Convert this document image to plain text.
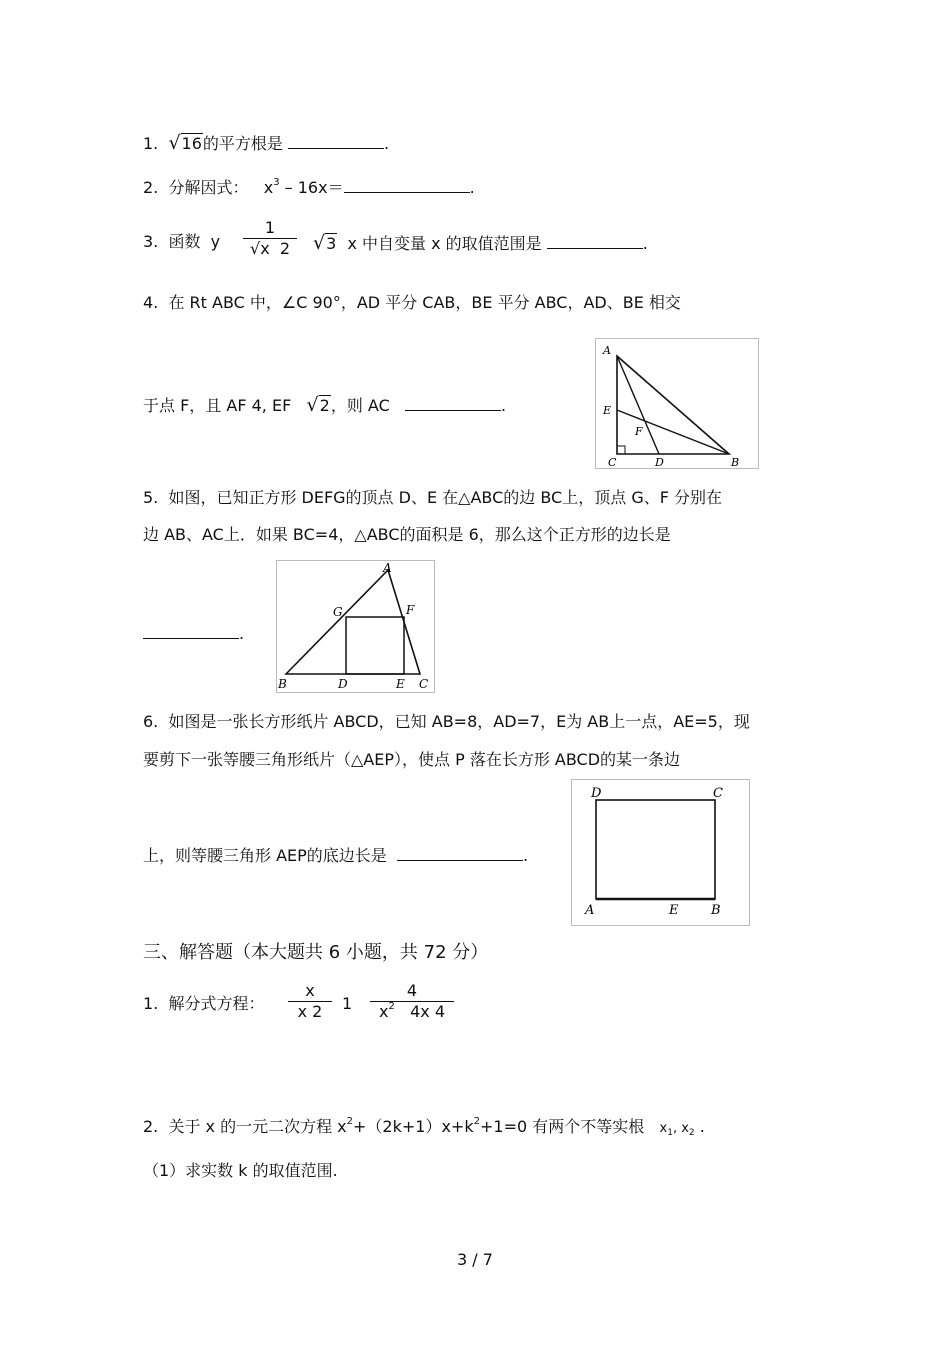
1. √16的平方根是	.
2. 分解因式： $x^3 - 16x=$	.
3. 函数 y
1
√x 2	√3 x 中自变量 x 的取值范围是	.
4. 在 Rt ABC 中，∠C 90°，AD 平分 CAB，BE 平分 ABC，AD、BE 相交
于点 F，且 AF 4, EF √2，则 AC	.
A
E
F
C	D	B
5. 如图，已知正方形 DEFG的顶点 D、E 在△ABC的边 BC上，顶点 G、F 分别在
边 AB、AC上．如果 BC=4，△ABC的面积是 6，那么这个正方形的边长是
.
A
G	F
B	D	E C
6. 如图是一张长方形纸片 ABCD，已知 AB=8，AD=7，E为 AB上一点，AE=5，现
要剪下一张等腰三角形纸片（△AEP），使点 P 落在长方形 ABCD的某一条边
上，则等腰三角形 AEP的底边长是	.
D	C
A	E	B
三、解答题（本大题共 6 小题，共 72 分）
1. 解分式方程：
x
x 2	1
4
$x^2$ 4x 4
2. 关于 x 的一元二次方程 $x^2+(2k+1)x+k^2+1=0$ 有两个不等实根 $x_1$, $x_2$ .
（1）求实数 k 的取值范围.
3 / 7
